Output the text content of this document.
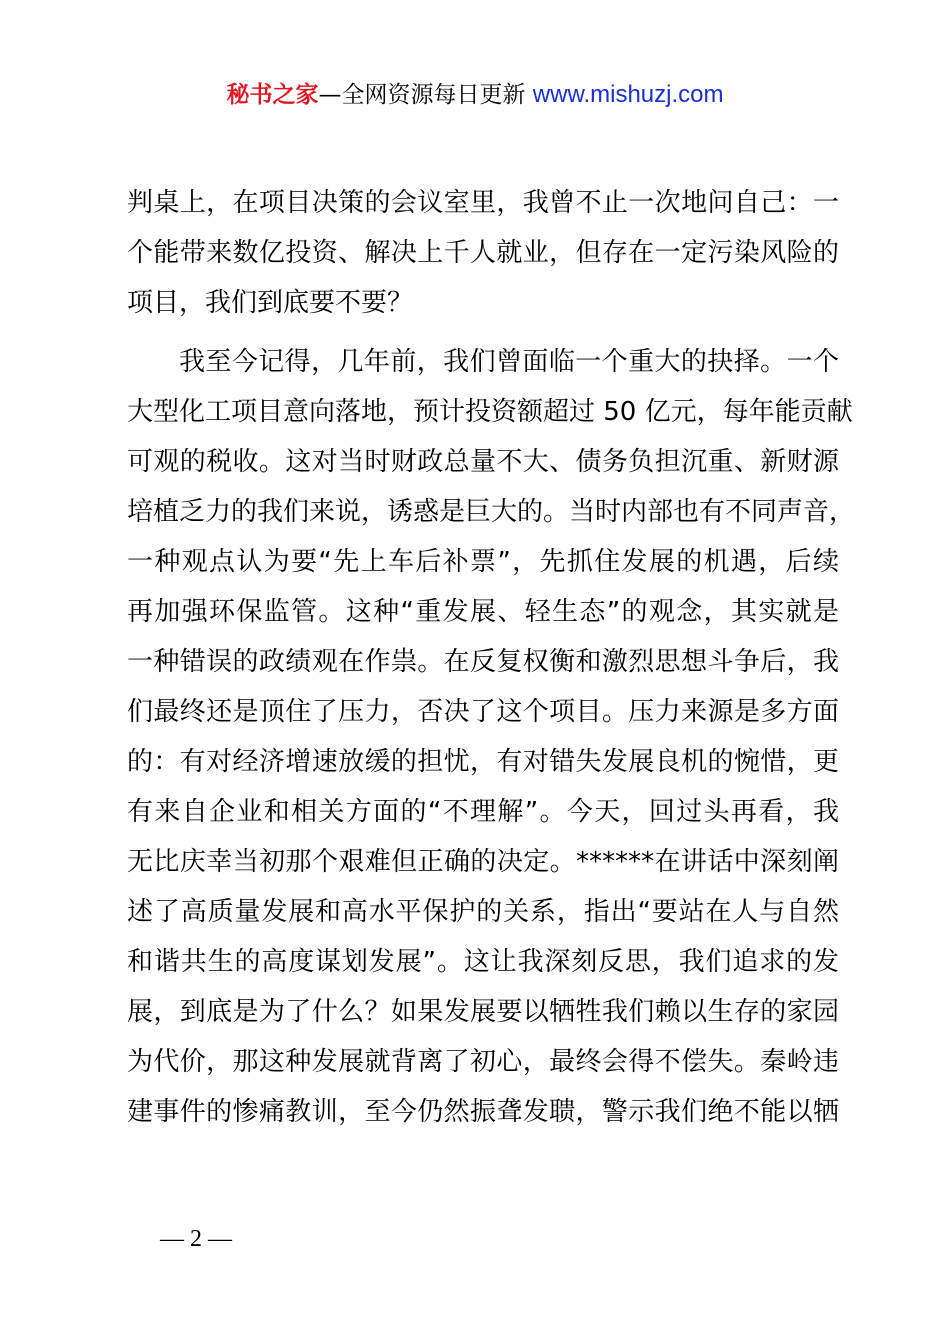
秘书之家—全网资源每日更新 www.mishuzj.com
判桌上，在项目决策的会议室里，我曾不止一次地问自己：一
个能带来数亿投资、解决上千人就业，但存在一定污染风险的
项目，我们到底要不要？
我至今记得，几年前，我们曾面临一个重大的抉择。一个
大型化工项目意向落地，预计投资额超过 50 亿元，每年能贡献
可观的税收。这对当时财政总量不大、债务负担沉重、新财源
培植乏力的我们来说，诱惑是巨大的。当时内部也有不同声音，
一种观点认为要“先上车后补票”，先抓住发展的机遇，后续
再加强环保监管。这种“重发展、轻生态”的观念，其实就是
一种错误的政绩观在作祟。在反复权衡和激烈思想斗争后，我
们最终还是顶住了压力，否决了这个项目。压力来源是多方面
的：有对经济增速放缓的担忧，有对错失发展良机的惋惜，更
有来自企业和相关方面的“不理解”。今天，回过头再看，我
无比庆幸当初那个艰难但正确的决定。******在讲话中深刻阐
述了高质量发展和高水平保护的关系，指出“要站在人与自然
和谐共生的高度谋划发展”。这让我深刻反思，我们追求的发
展，到底是为了什么？如果发展要以牺牲我们赖以生存的家园
为代价，那这种发展就背离了初心，最终会得不偿失。秦岭违
建事件的惨痛教训，至今仍然振聋发聩，警示我们绝不能以牺
— 2 —
